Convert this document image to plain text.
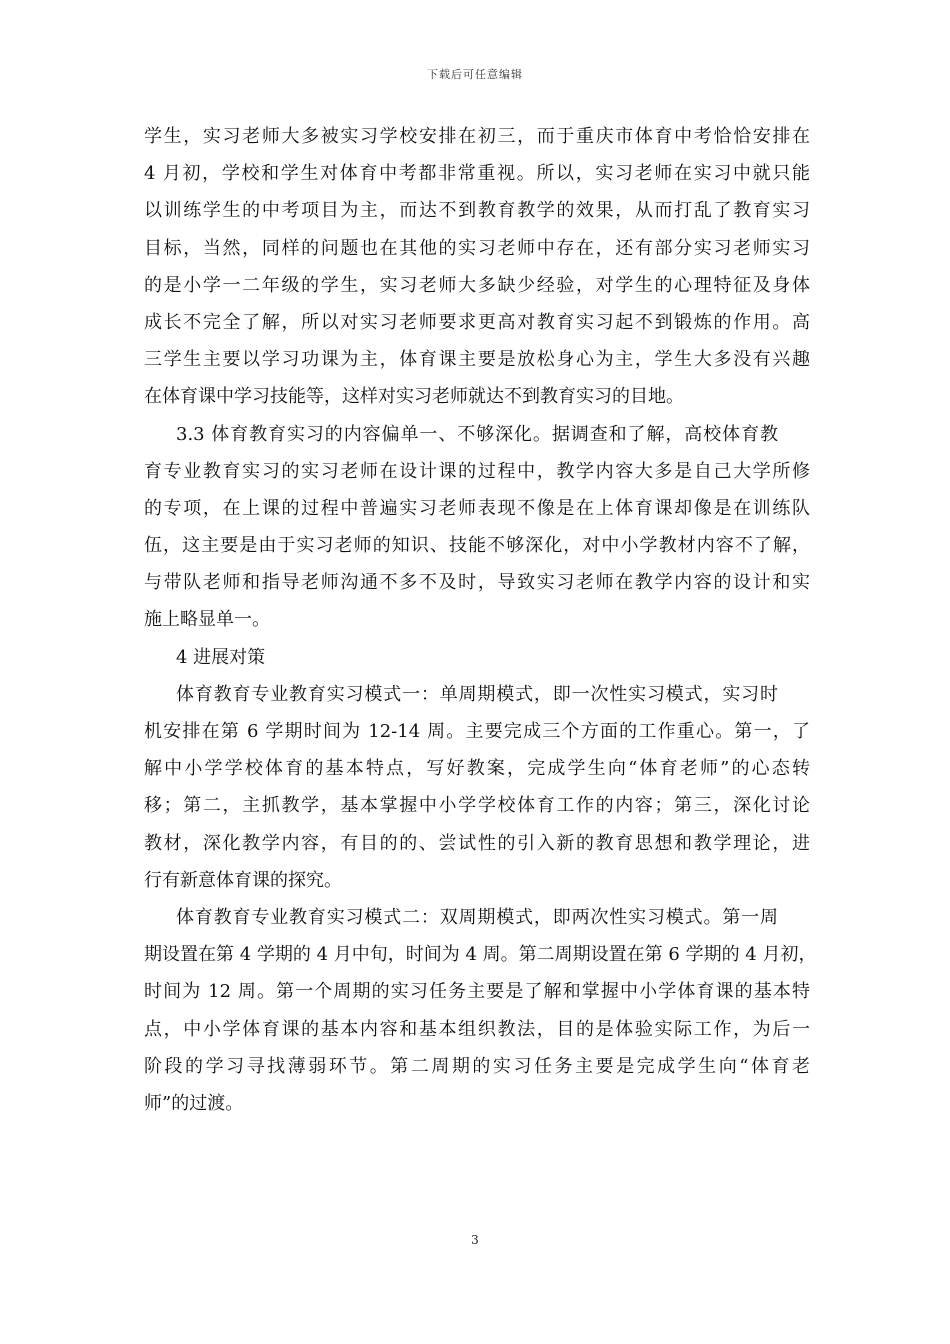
下载后可任意编辑
学生，实习老师大多被实习学校安排在初三，而于重庆市体育中考恰恰安排在
4 月初，学校和学生对体育中考都非常重视。所以，实习老师在实习中就只能
以训练学生的中考项目为主，而达不到教育教学的效果，从而打乱了教育实习
目标，当然，同样的问题也在其他的实习老师中存在，还有部分实习老师实习
的是小学一二年级的学生，实习老师大多缺少经验，对学生的心理特征及身体
成长不完全了解，所以对实习老师要求更高对教育实习起不到锻炼的作用。高
三学生主要以学习功课为主，体育课主要是放松身心为主，学生大多没有兴趣
在体育课中学习技能等，这样对实习老师就达不到教育实习的目地。
3.3 体育教育实习的内容偏单一、不够深化。据调查和了解，高校体育教
育专业教育实习的实习老师在设计课的过程中，教学内容大多是自己大学所修
的专项，在上课的过程中普遍实习老师表现不像是在上体育课却像是在训练队
伍，这主要是由于实习老师的知识、技能不够深化，对中小学教材内容不了解，
与带队老师和指导老师沟通不多不及时，导致实习老师在教学内容的设计和实
施上略显单一。
4 进展对策
体育教育专业教育实习模式一：单周期模式，即一次性实习模式，实习时
机安排在第 6 学期时间为 12-14 周。主要完成三个方面的工作重心。第一，了
解中小学学校体育的基本特点，写好教案，完成学生向“体育老师”的心态转
移；第二，主抓教学，基本掌握中小学学校体育工作的内容；第三，深化讨论
教材，深化教学内容，有目的的、尝试性的引入新的教育思想和教学理论，进
行有新意体育课的探究。
体育教育专业教育实习模式二：双周期模式，即两次性实习模式。第一周
期设置在第 4 学期的 4 月中旬，时间为 4 周。第二周期设置在第 6 学期的 4 月初，
时间为 12 周。第一个周期的实习任务主要是了解和掌握中小学体育课的基本特
点，中小学体育课的基本内容和基本组织教法，目的是体验实际工作，为后一
阶段的学习寻找薄弱环节。第二周期的实习任务主要是完成学生向“体育老
师”的过渡。
3
